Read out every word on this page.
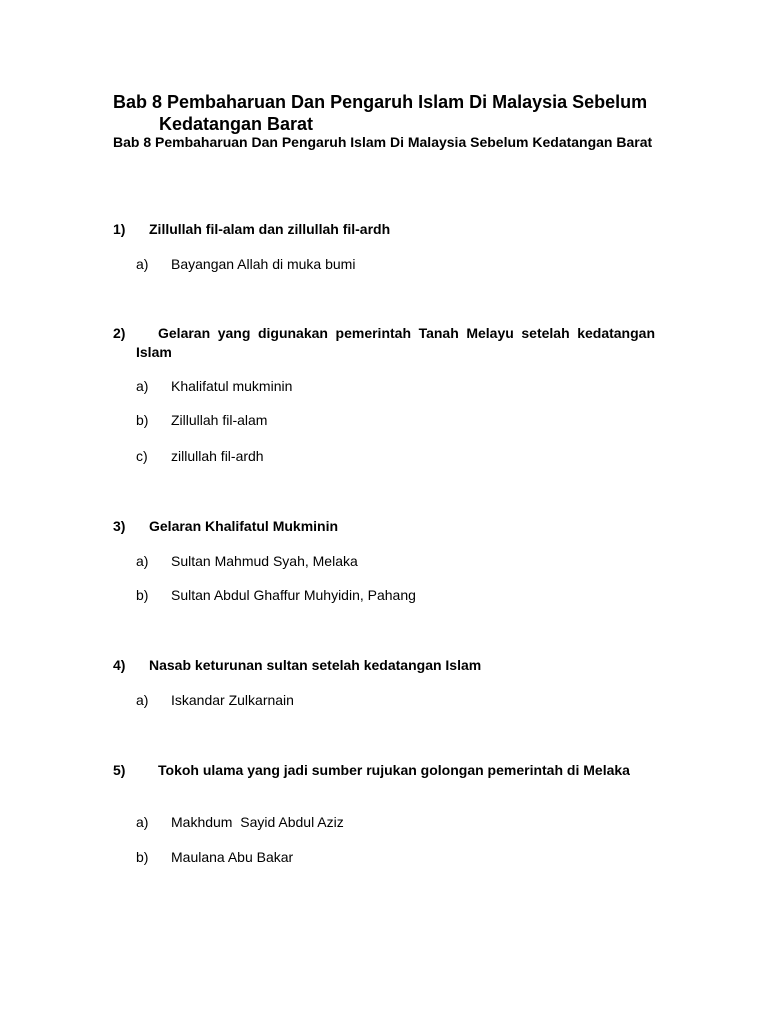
Bab 8 Pembaharuan Dan Pengaruh Islam Di Malaysia Sebelum
Kedatangan Barat
Bab 8 Pembaharuan Dan Pengaruh Islam Di Malaysia Sebelum Kedatangan Barat
1)	Zillullah fil-alam dan zillullah fil-ardh
a) Bayangan Allah di muka bumi
2)	Gelaran yang digunakan pemerintah Tanah Melayu setelah kedatangan Islam
a) Khalifatul mukminin
b) Zillullah fil-alam
c) zillullah fil-ardh
3)	Gelaran Khalifatul Mukminin
a) Sultan Mahmud Syah, Melaka
b) Sultan Abdul Ghaffur Muhyidin, Pahang
4)	Nasab keturunan sultan setelah kedatangan Islam
a) Iskandar Zulkarnain
5)	Tokoh ulama yang jadi sumber rujukan golongan pemerintah di Melaka
a) Makhdum  Sayid Abdul Aziz
b) Maulana Abu Bakar
